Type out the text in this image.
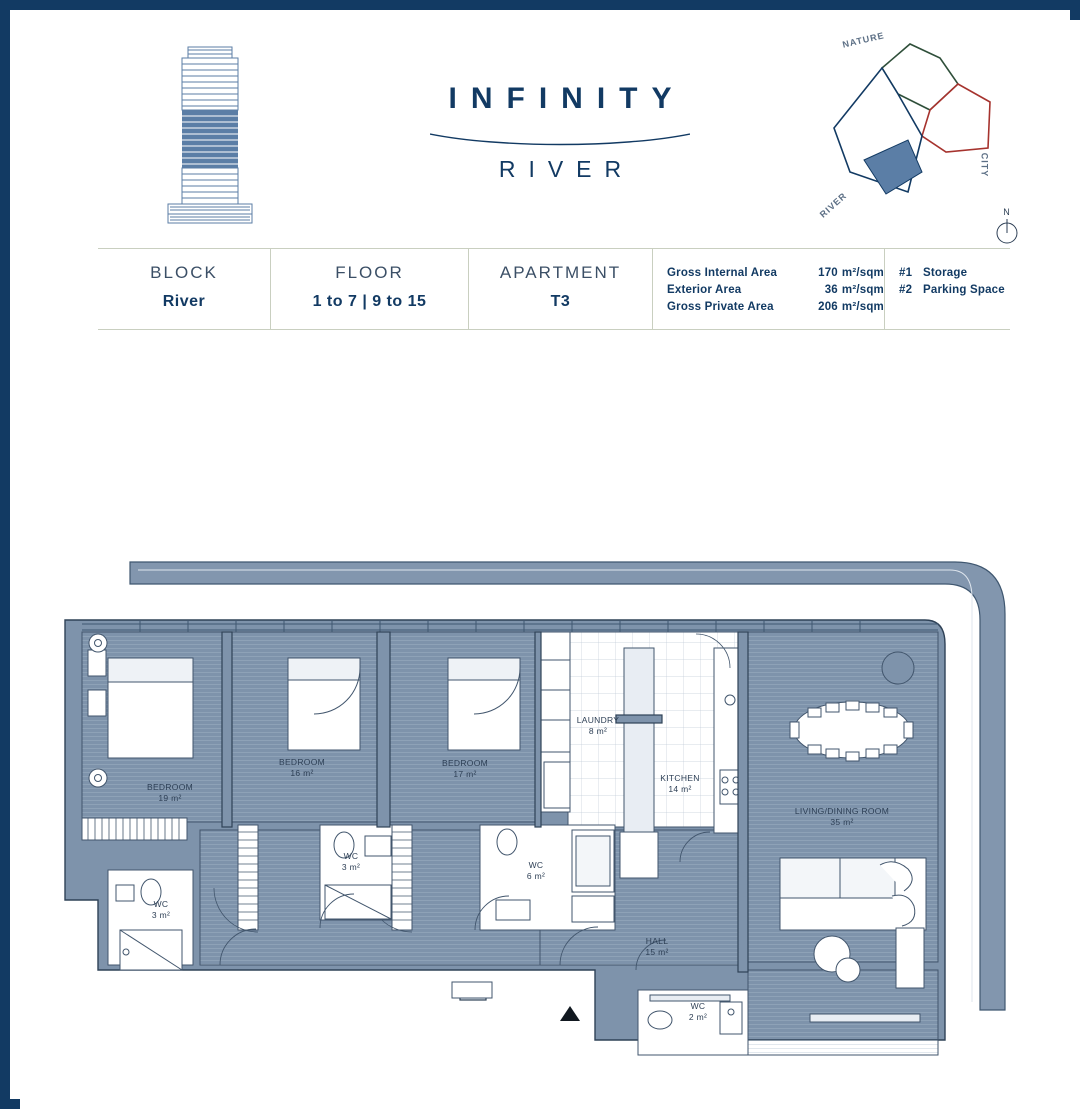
INFINITY
RIVER
NATURE
CITY
RIVER	N
BLOCK
River
FLOOR
1 to 7 | 9 to 15
APARTMENT
T3
Gross Internal Area	170 m²/sqm
Exterior Area	36 m²/sqm
Gross Private Area	206 m²/sqm
#1 Storage
#2 Parking Space
BEDROOM
19 m²
BEDROOM
16 m²
BEDROOM
17 m²
LAUNDRY
8 m²
KITCHEN
14 m²
LIVING/DINING ROOM
35 m²
WC
3 m²	WC
6 m²
WC
3 m²
HALL
15 m²
WC
2 m²
